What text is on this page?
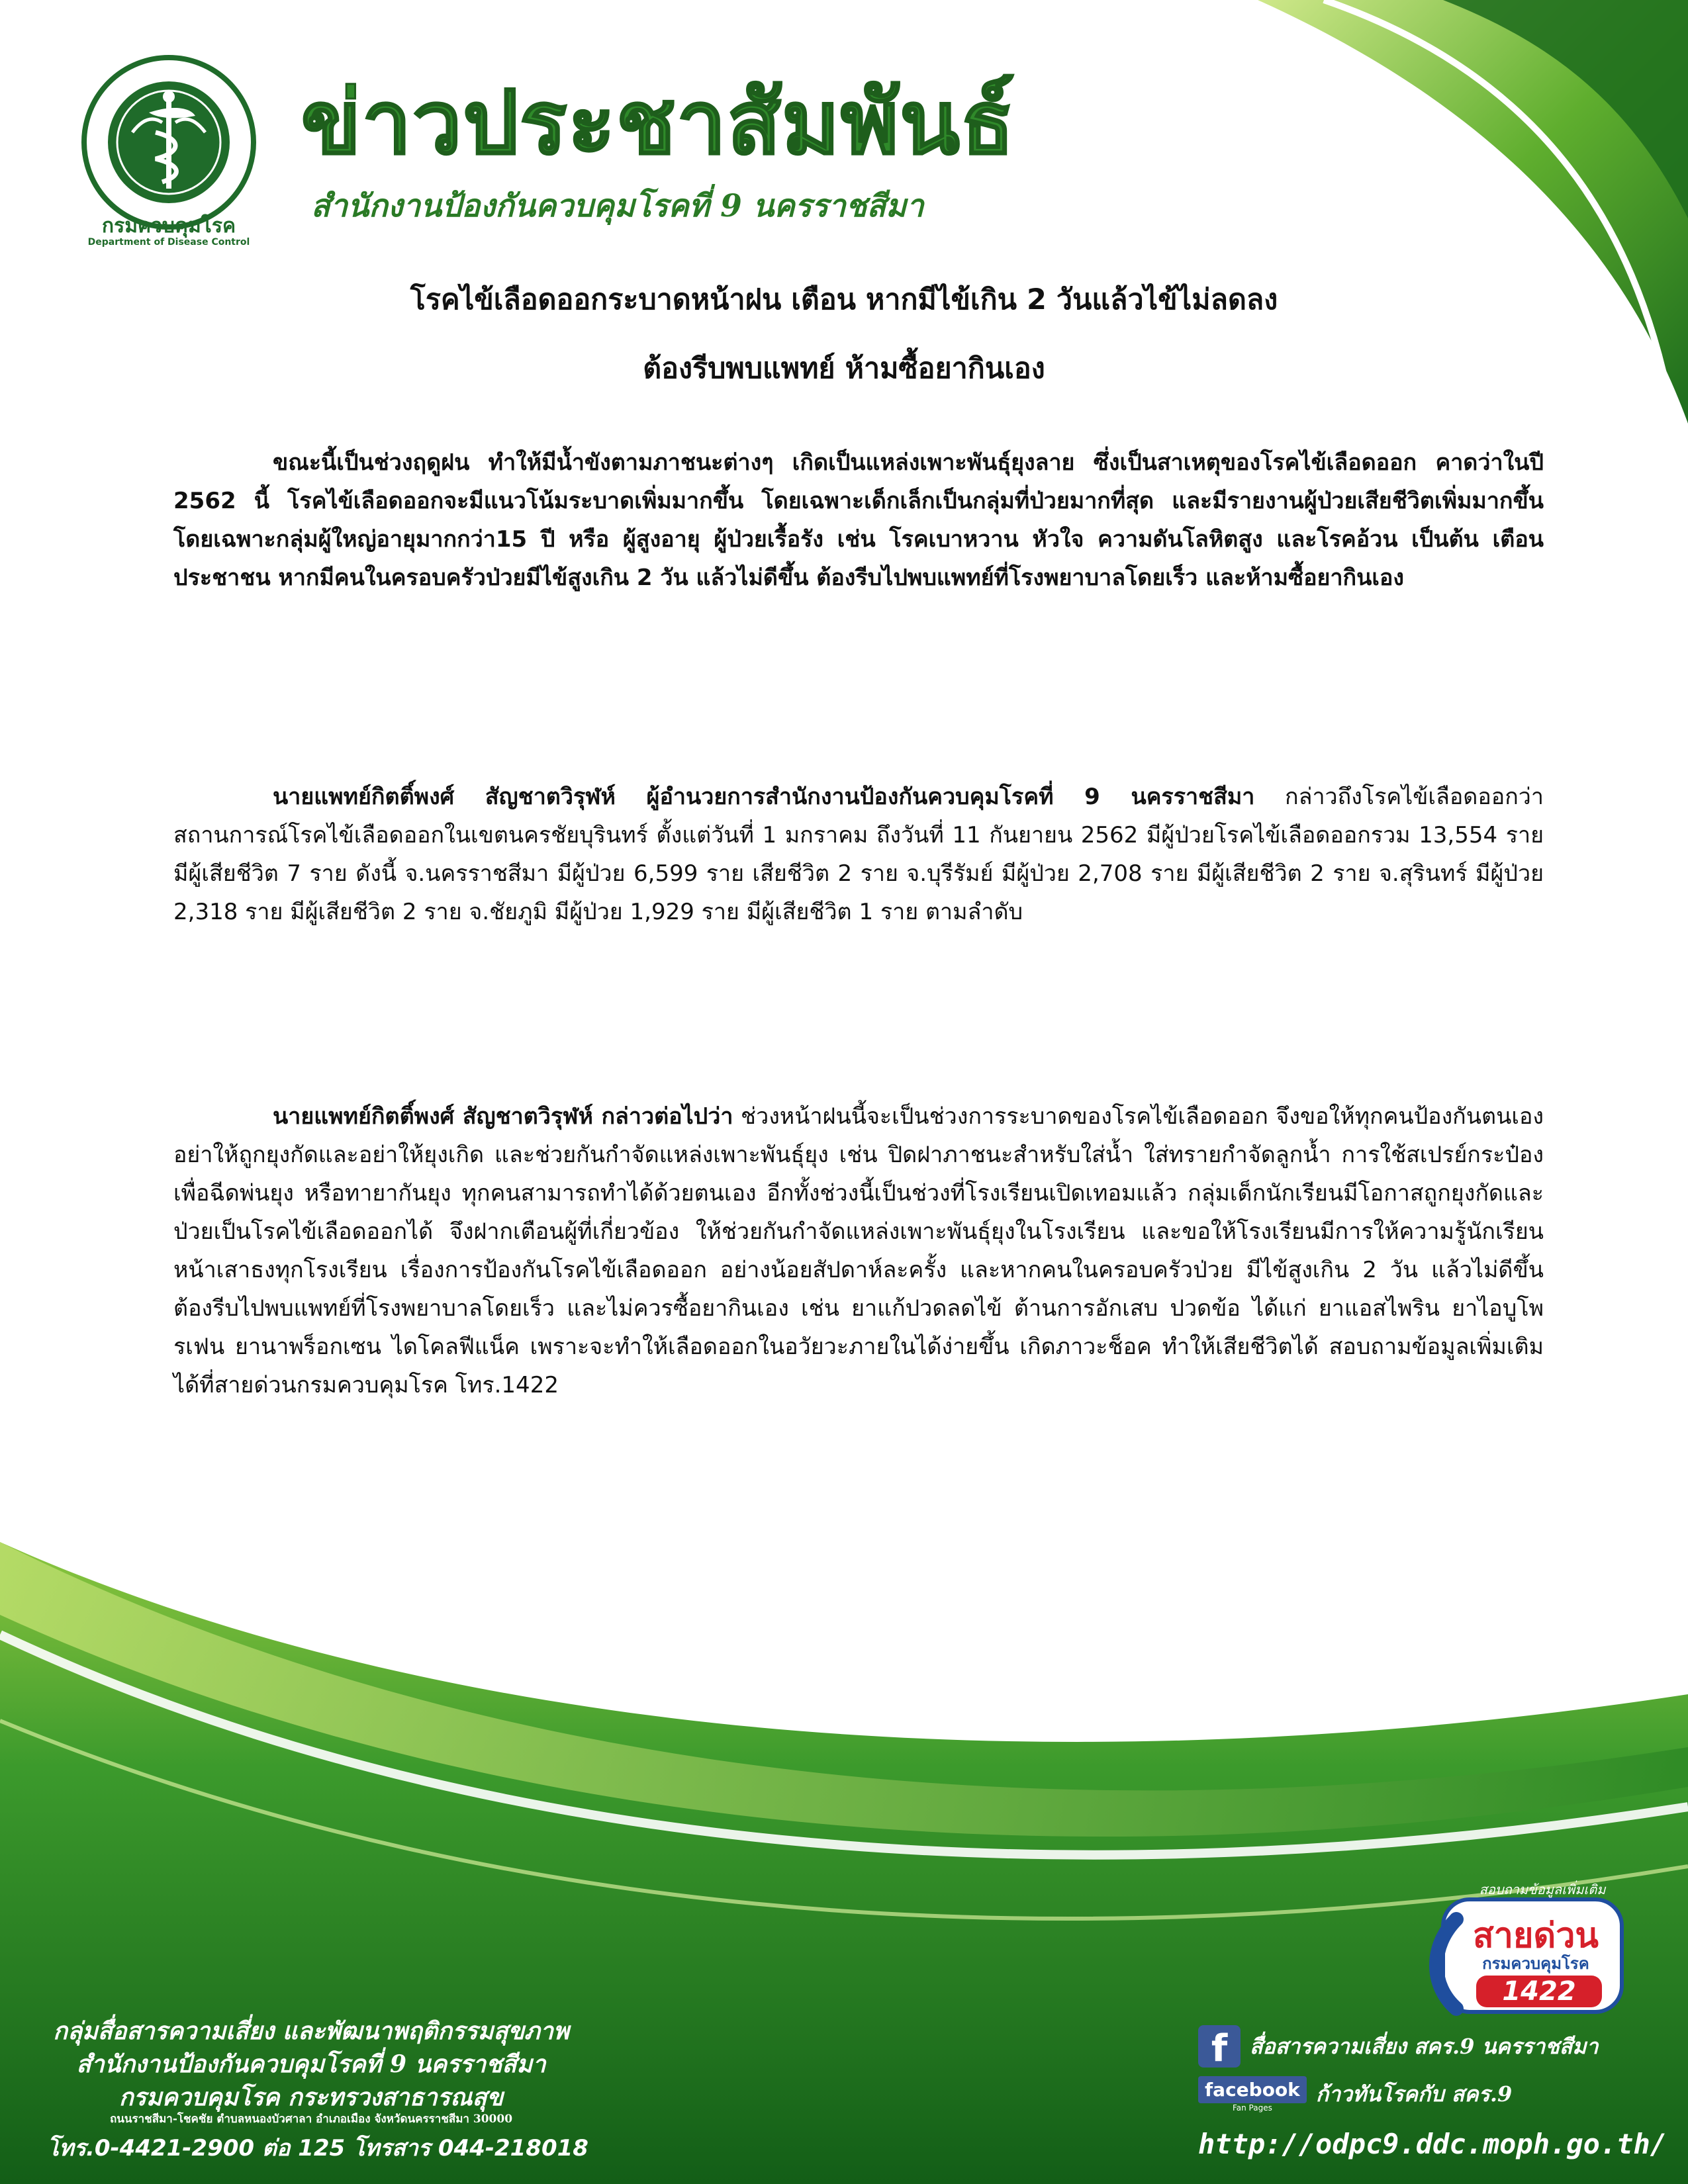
กรมควบคุมโรค
Department of Disease Control
ข่าวประชาสัมพันธ์
สำนักงานป้องกันควบคุมโรคที่ 9 นครราชสีมา
โรคไข้เลือดออกระบาดหน้าฝน เตือน หากมีไข้เกิน 2 วันแล้วไข้ไม่ลดลง
ต้องรีบพบแพทย์ ห้ามซื้อยากินเอง
ขณะนี้เป็นช่วงฤดูฝน ทำให้มีน้ำขังตามภาชนะต่างๆ เกิดเป็นแหล่งเพาะพันธุ์ยุงลาย ซึ่งเป็นสาเหตุของโรคไข้เลือดออก คาดว่าในปี 2562 นี้ โรคไข้เลือดออกจะมีแนวโน้มระบาดเพิ่มมากขึ้น โดยเฉพาะเด็กเล็กเป็นกลุ่มที่ป่วยมากที่สุด และมีรายงานผู้ป่วยเสียชีวิตเพิ่มมากขึ้น โดยเฉพาะกลุ่มผู้ใหญ่อายุมากกว่า15 ปี หรือ ผู้สูงอายุ ผู้ป่วยเรื้อรัง เช่น โรคเบาหวาน หัวใจ ความดันโลหิตสูง และโรคอ้วน เป็นต้น เตือนประชาชน หากมีคนในครอบครัวป่วยมีไข้สูงเกิน 2 วัน แล้วไม่ดีขึ้น ต้องรีบไปพบแพทย์ที่โรงพยาบาลโดยเร็ว และห้ามซื้อยากินเอง
นายแพทย์กิตติ์พงศ์ สัญชาตวิรุฬห์ ผู้อำนวยการสำนักงานป้องกันควบคุมโรคที่ 9 นครราชสีมา กล่าวถึงโรคไข้เลือดออกว่า สถานการณ์โรคไข้เลือดออกในเขตนครชัยบุรินทร์ ตั้งแต่วันที่ 1 มกราคม ถึงวันที่ 11 กันยายน 2562 มีผู้ป่วยโรคไข้เลือดออกรวม 13,554 ราย มีผู้เสียชีวิต 7 ราย ดังนี้ จ.นครราชสีมา มีผู้ป่วย 6,599 ราย เสียชีวิต 2 ราย จ.บุรีรัมย์ มีผู้ป่วย 2,708 ราย มีผู้เสียชีวิต 2 ราย จ.สุรินทร์ มีผู้ป่วย 2,318 ราย มีผู้เสียชีวิต 2 ราย จ.ชัยภูมิ มีผู้ป่วย 1,929 ราย มีผู้เสียชีวิต 1 ราย ตามลำดับ
นายแพทย์กิตติ์พงศ์ สัญชาตวิรุฬห์ กล่าวต่อไปว่า ช่วงหน้าฝนนี้จะเป็นช่วงการระบาดของโรคไข้เลือดออก จึงขอให้ทุกคนป้องกันตนเองอย่าให้ถูกยุงกัดและอย่าให้ยุงเกิด และช่วยกันกำจัดแหล่งเพาะพันธุ์ยุง เช่น ปิดฝาภาชนะสำหรับใส่น้ำ ใส่ทรายกำจัดลูกน้ำ การใช้สเปรย์กระป๋องเพื่อฉีดพ่นยุง หรือทายากันยุง ทุกคนสามารถทำได้ด้วยตนเอง อีกทั้งช่วงนี้เป็นช่วงที่โรงเรียนเปิดเทอมแล้ว กลุ่มเด็กนักเรียนมีโอกาสถูกยุงกัดและป่วยเป็นโรคไข้เลือดออกได้ จึงฝากเตือนผู้ที่เกี่ยวข้อง ให้ช่วยกันกำจัดแหล่งเพาะพันธุ์ยุงในโรงเรียน และขอให้โรงเรียนมีการให้ความรู้นักเรียนหน้าเสาธงทุกโรงเรียน เรื่องการป้องกันโรคไข้เลือดออก อย่างน้อยสัปดาห์ละครั้ง และหากคนในครอบครัวป่วย มีไข้สูงเกิน 2 วัน แล้วไม่ดีขึ้น ต้องรีบไปพบแพทย์ที่โรงพยาบาลโดยเร็ว และไม่ควรซื้อยากินเอง เช่น ยาแก้ปวดลดไข้ ต้านการอักเสบ ปวดข้อ ได้แก่ ยาแอสไพริน ยาไอบูโพรเฟน ยานาพร็อกเซน ไดโคลฟีแน็ค เพราะจะทำให้เลือดออกในอวัยวะภายในได้ง่ายขึ้น เกิดภาวะช็อค ทำให้เสียชีวิตได้ สอบถามข้อมูลเพิ่มเติมได้ที่สายด่วนกรมควบคุมโรค โทร.1422
สอบถามข้อมูลเพิ่มเติม
สายด่วน
กรมควบคุมโรค
1422
กลุ่มสื่อสารความเสี่ยง และพัฒนาพฤติกรรมสุขภาพ
สำนักงานป้องกันควบคุมโรคที่ 9 นครราชสีมา
กรมควบคุมโรค กระทรวงสาธารณสุข
ถนนราชสีมา-โชคชัย ตำบลหนองบัวศาลา อำเภอเมือง จังหวัดนครราชสีมา 30000
โทร.0-4421-2900 ต่อ 125 โทรสาร 044-218018
f	สื่อสารความเสี่ยง สคร.9 นครราชสีมา
facebook
Fan Pages
ก้าวทันโรคกับ สคร.9
http://odpc9.ddc.moph.go.th/
